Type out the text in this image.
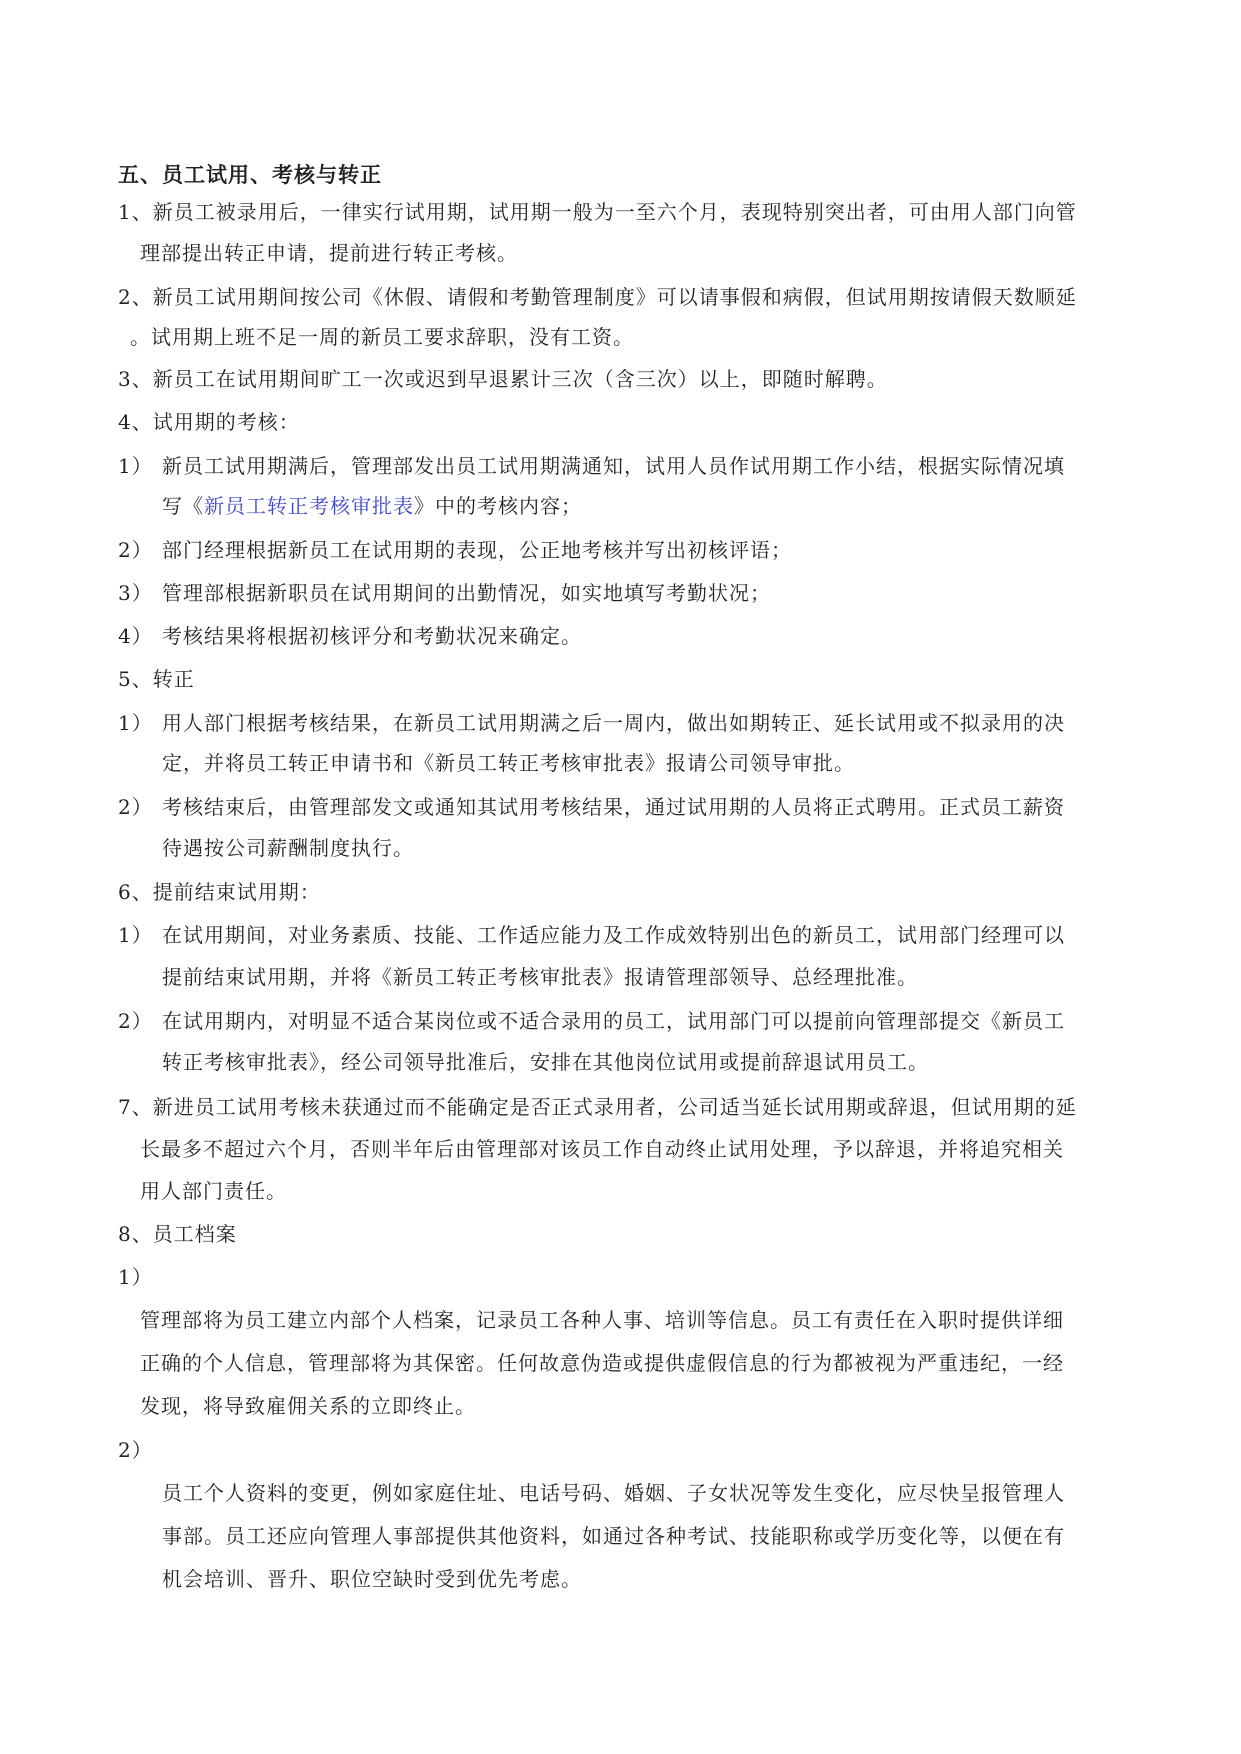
五、员工试用、考核与转正

1、新员工被录用后，一律实行试用期，试用期一般为一至六个月，表现特别突出者，可由用人部门向管

理部提出转正申请，提前进行转正考核。

2、新员工试用期间按公司《休假、请假和考勤管理制度》可以请事假和病假，但试用期按请假天数顺延

。试用期上班不足一周的新员工要求辞职，没有工资。

3、新员工在试用期间旷工一次或迟到早退累计三次（含三次）以上，即随时解聘。

4、试用期的考核：

1） 新员工试用期满后，管理部发出员工试用期满通知，试用人员作试用期工作小结，根据实际情况填

写《新员工转正考核审批表》中的考核内容；

2） 部门经理根据新员工在试用期的表现，公正地考核并写出初核评语；

3） 管理部根据新职员在试用期间的出勤情况，如实地填写考勤状况；

4） 考核结果将根据初核评分和考勤状况来确定。

5、转正

1） 用人部门根据考核结果，在新员工试用期满之后一周内，做出如期转正、延长试用或不拟录用的决

定，并将员工转正申请书和《新员工转正考核审批表》报请公司领导审批。

2） 考核结束后，由管理部发文或通知其试用考核结果，通过试用期的人员将正式聘用。正式员工薪资

待遇按公司薪酬制度执行。

6、提前结束试用期：

1） 在试用期间，对业务素质、技能、工作适应能力及工作成效特别出色的新员工，试用部门经理可以

提前结束试用期，并将《新员工转正考核审批表》报请管理部领导、总经理批准。

2） 在试用期内，对明显不适合某岗位或不适合录用的员工，试用部门可以提前向管理部提交《新员工

转正考核审批表》，经公司领导批准后，安排在其他岗位试用或提前辞退试用员工。

7、新进员工试用考核未获通过而不能确定是否正式录用者，公司适当延长试用期或辞退，但试用期的延

长最多不超过六个月，否则半年后由管理部对该员工作自动终止试用处理，予以辞退，并将追究相关

用人部门责任。

8、员工档案

1）

管理部将为员工建立内部个人档案，记录员工各种人事、培训等信息。员工有责任在入职时提供详细

正确的个人信息，管理部将为其保密。任何故意伪造或提供虚假信息的行为都被视为严重违纪，一经

发现，将导致雇佣关系的立即终止。

2）

员工个人资料的变更，例如家庭住址、电话号码、婚姻、子女状况等发生变化，应尽快呈报管理人

事部。员工还应向管理人事部提供其他资料，如通过各种考试、技能职称或学历变化等，以便在有

机会培训、晋升、职位空缺时受到优先考虑。
